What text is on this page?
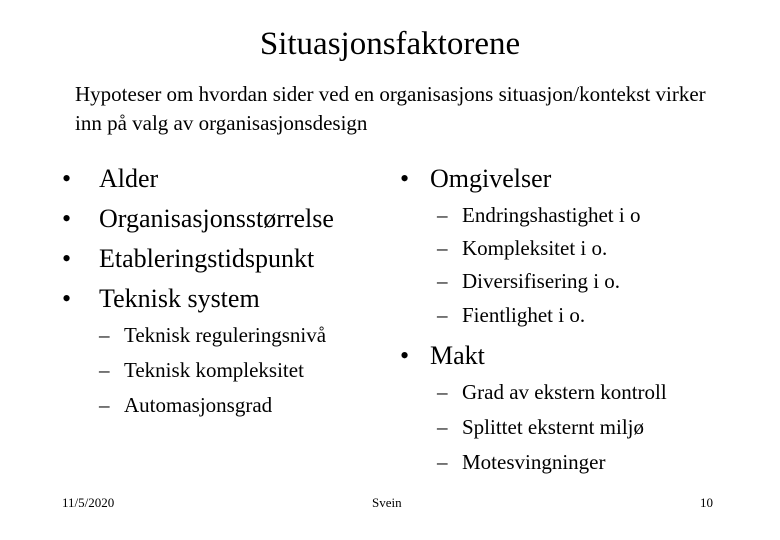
Situasjonsfaktorene
Hypoteser om hvordan sider ved en organisasjons situasjon/kontekst virker inn på valg av organisasjonsdesign
•	Alder
•	Organisasjonsstørrelse
•	Etableringstidspunkt
•	Teknisk system
– Teknisk reguleringsnivå
– Teknisk kompleksitet
– Automasjonsgrad
• Omgivelser
– Endringshastighet i o
– Kompleksitet i o.
– Diversifisering i o.
– Fientlighet i o.
• Makt
– Grad av ekstern kontroll
– Splittet eksternt miljø
– Motesvingninger
11/5/2020	Svein	10
